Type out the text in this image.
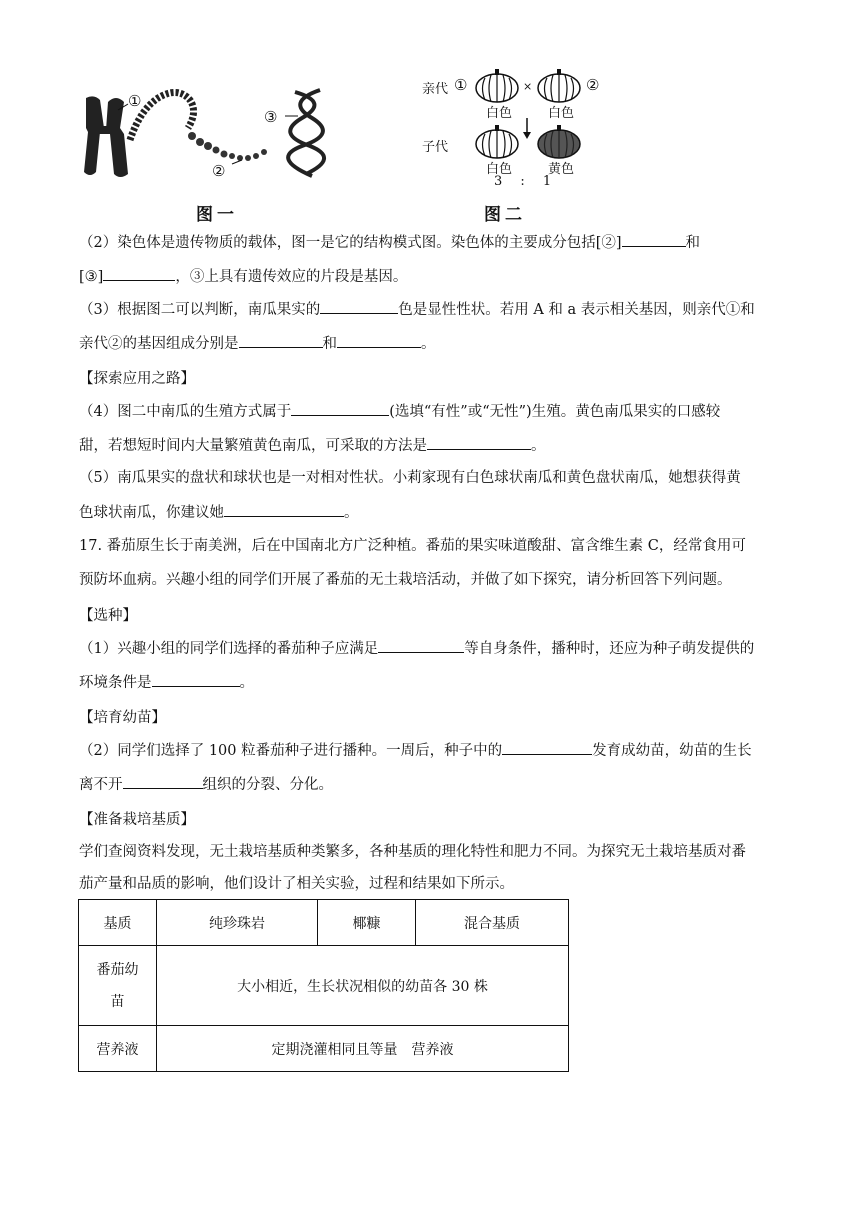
①
②
③
图一
亲代 ①	×	②
白色	白色
子代
白色	黄色
3 : 1
图二
（2）染色体是遗传物质的载体，图一是它的结构模式图。染色体的主要成分包括[②]	和
[③]	，③上具有遗传效应的片段是基因。
（3）根据图二可以判断，南瓜果实的	色是显性性状。若用 A 和 a 表示相关基因，则亲代①和
亲代②的基因组成分别是	和	。
【探索应用之路】
（4）图二中南瓜的生殖方式属于	(选填“有性”或“无性”)生殖。黄色南瓜果实的口感较
甜，若想短时间内大量繁殖黄色南瓜，可采取的方法是	。
（5）南瓜果实的盘状和球状也是一对相对性状。小莉家现有白色球状南瓜和黄色盘状南瓜，她想获得黄
色球状南瓜，你建议她	。
17. 番茄原生长于南美洲，后在中国南北方广泛种植。番茄的果实味道酸甜、富含维生素 C，经常食用可
预防坏血病。兴趣小组的同学们开展了番茄的无土栽培活动，并做了如下探究，请分析回答下列问题。
【选种】
（1）兴趣小组的同学们选择的番茄种子应满足	等自身条件，播种时，还应为种子萌发提供的
环境条件是	。
【培育幼苗】
（2）同学们选择了 100 粒番茄种子进行播种。一周后，种子中的	发育成幼苗，幼苗的生长
离不开	组织的分裂、分化。
【准备栽培基质】
学们查阅资料发现，无土栽培基质种类繁多，各种基质的理化特性和肥力不同。为探究无土栽培基质对番
茄产量和品质的影响，他们设计了相关实验，过程和结果如下所示。
基质	纯珍珠岩	椰糠	混合基质
番茄幼
苗	大小相近，生长状况相似的幼苗各 30 株		
营养液	定期浇灌相同且等量　营养液		
